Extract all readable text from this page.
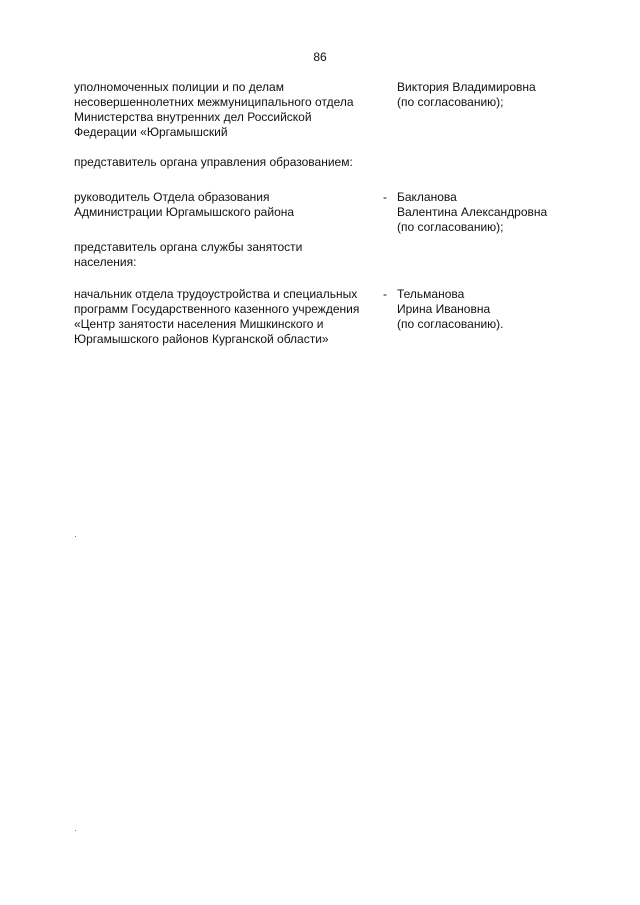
86
уполномоченных полиции и по делам
несовершеннолетних межмуниципального отдела
Министерства внутренних дел Российской
Федерации «Юргамышский
Виктория Владимировна
(по согласованию);
представитель органа управления образованием:
руководитель Отдела образования
Администрации Юргамышского района
- Бакланова
Валентина Александровна
(по согласованию);
представитель органа службы занятости
населения:
начальник отдела трудоустройства и специальных
программ Государственного казенного учреждения
«Центр занятости населения Мишкинского и
Юргамышского районов Курганской области»
- Тельманова
Ирина Ивановна
(по согласованию).
